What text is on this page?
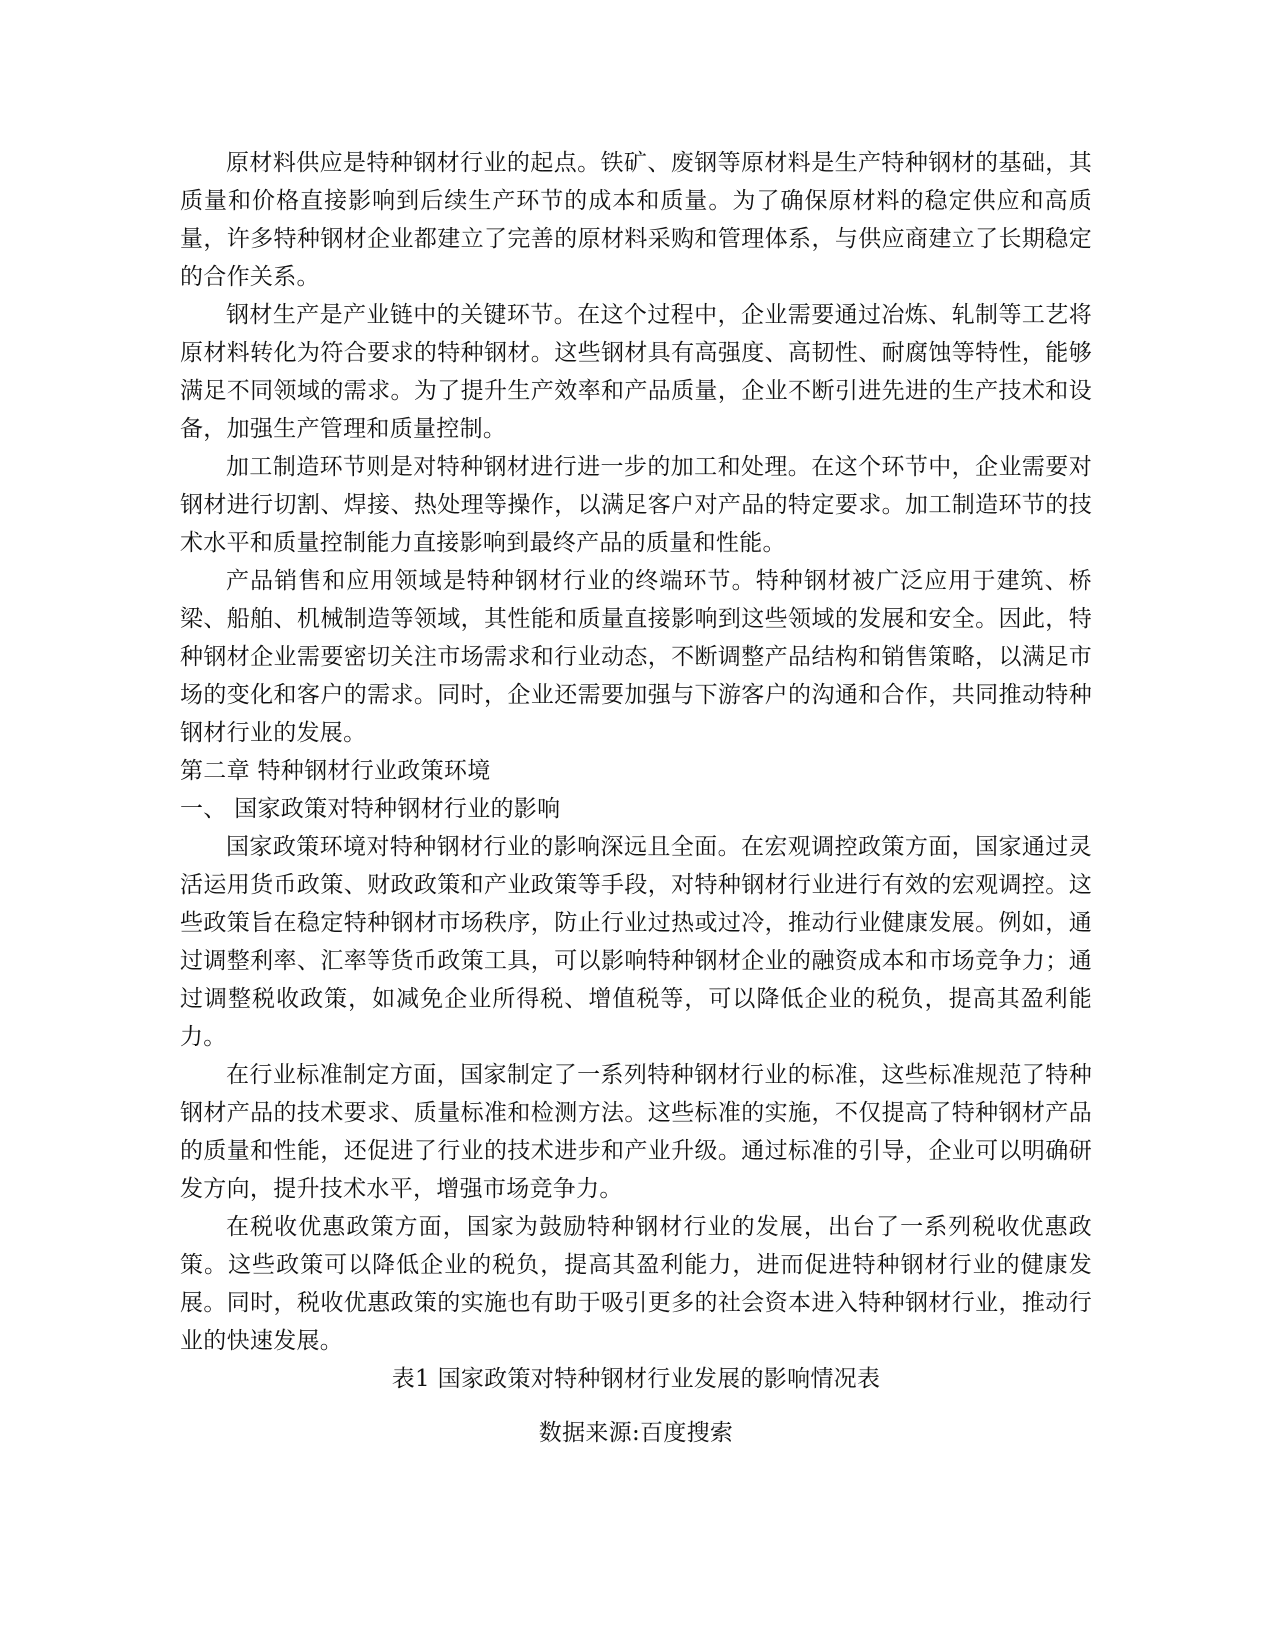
原材料供应是特种钢材行业的起点。铁矿、废钢等原材料是生产特种钢材的基础，其质量和价格直接影响到后续生产环节的成本和质量。为了确保原材料的稳定供应和高质量，许多特种钢材企业都建立了完善的原材料采购和管理体系，与供应商建立了长期稳定的合作关系。

钢材生产是产业链中的关键环节。在这个过程中，企业需要通过冶炼、轧制等工艺将原材料转化为符合要求的特种钢材。这些钢材具有高强度、高韧性、耐腐蚀等特性，能够满足不同领域的需求。为了提升生产效率和产品质量，企业不断引进先进的生产技术和设备，加强生产管理和质量控制。

加工制造环节则是对特种钢材进行进一步的加工和处理。在这个环节中，企业需要对钢材进行切割、焊接、热处理等操作，以满足客户对产品的特定要求。加工制造环节的技术水平和质量控制能力直接影响到最终产品的质量和性能。

产品销售和应用领域是特种钢材行业的终端环节。特种钢材被广泛应用于建筑、桥梁、船舶、机械制造等领域，其性能和质量直接影响到这些领域的发展和安全。因此，特种钢材企业需要密切关注市场需求和行业动态，不断调整产品结构和销售策略，以满足市场的变化和客户的需求。同时，企业还需要加强与下游客户的沟通和合作，共同推动特种钢材行业的发展。

第二章 特种钢材行业政策环境

一、 国家政策对特种钢材行业的影响

国家政策环境对特种钢材行业的影响深远且全面。在宏观调控政策方面，国家通过灵活运用货币政策、财政政策和产业政策等手段，对特种钢材行业进行有效的宏观调控。这些政策旨在稳定特种钢材市场秩序，防止行业过热或过冷，推动行业健康发展。例如，通过调整利率、汇率等货币政策工具，可以影响特种钢材企业的融资成本和市场竞争力；通过调整税收政策，如减免企业所得税、增值税等，可以降低企业的税负，提高其盈利能力。

在行业标准制定方面，国家制定了一系列特种钢材行业的标准，这些标准规范了特种钢材产品的技术要求、质量标准和检测方法。这些标准的实施，不仅提高了特种钢材产品的质量和性能，还促进了行业的技术进步和产业升级。通过标准的引导，企业可以明确研发方向，提升技术水平，增强市场竞争力。

在税收优惠政策方面，国家为鼓励特种钢材行业的发展，出台了一系列税收优惠政策。这些政策可以降低企业的税负，提高其盈利能力，进而促进特种钢材行业的健康发展。同时，税收优惠政策的实施也有助于吸引更多的社会资本进入特种钢材行业，推动行业的快速发展。

表1 国家政策对特种钢材行业发展的影响情况表

数据来源:百度搜索
